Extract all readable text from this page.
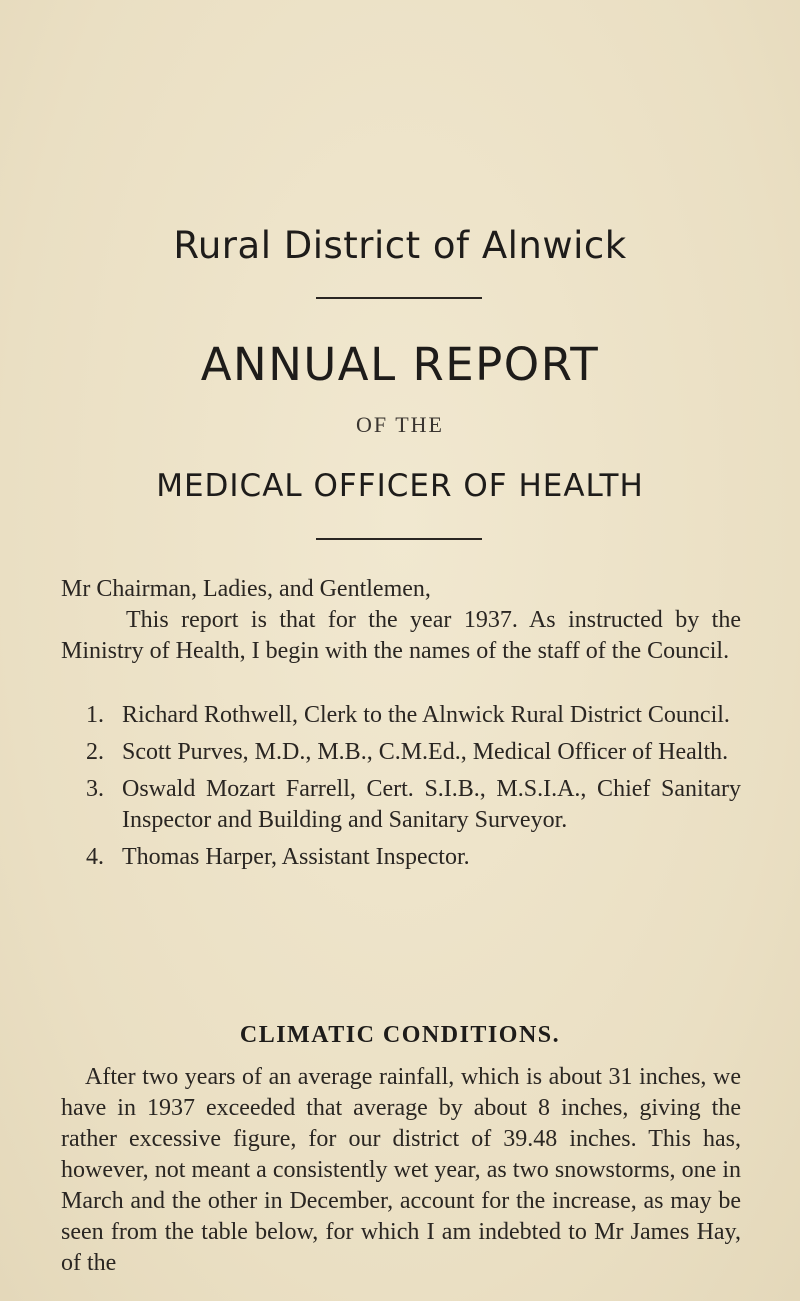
Rural District of Alnwick
ANNUAL REPORT
OF THE
MEDICAL OFFICER OF HEALTH
Mr Chairman, Ladies, and Gentlemen,
This report is that for the year 1937. As instructed by the Ministry of Health, I begin with the names of the staff of the Council.
1. Richard Rothwell, Clerk to the Alnwick Rural District Council.
2. Scott Purves, M.D., M.B., C.M.Ed., Medical Officer of Health.
3. Oswald Mozart Farrell, Cert. S.I.B., M.S.I.A., Chief Sanitary Inspector and Building and Sanitary Surveyor.
4. Thomas Harper, Assistant Inspector.
CLIMATIC CONDITIONS.
After two years of an average rainfall, which is about 31 inches, we have in 1937 exceeded that average by about 8 inches, giving the rather excessive figure, for our district of 39.48 inches. This has, however, not meant a consistently wet year, as two snowstorms, one in March and the other in December, account for the increase, as may be seen from the table below, for which I am indebted to Mr James Hay, of the
